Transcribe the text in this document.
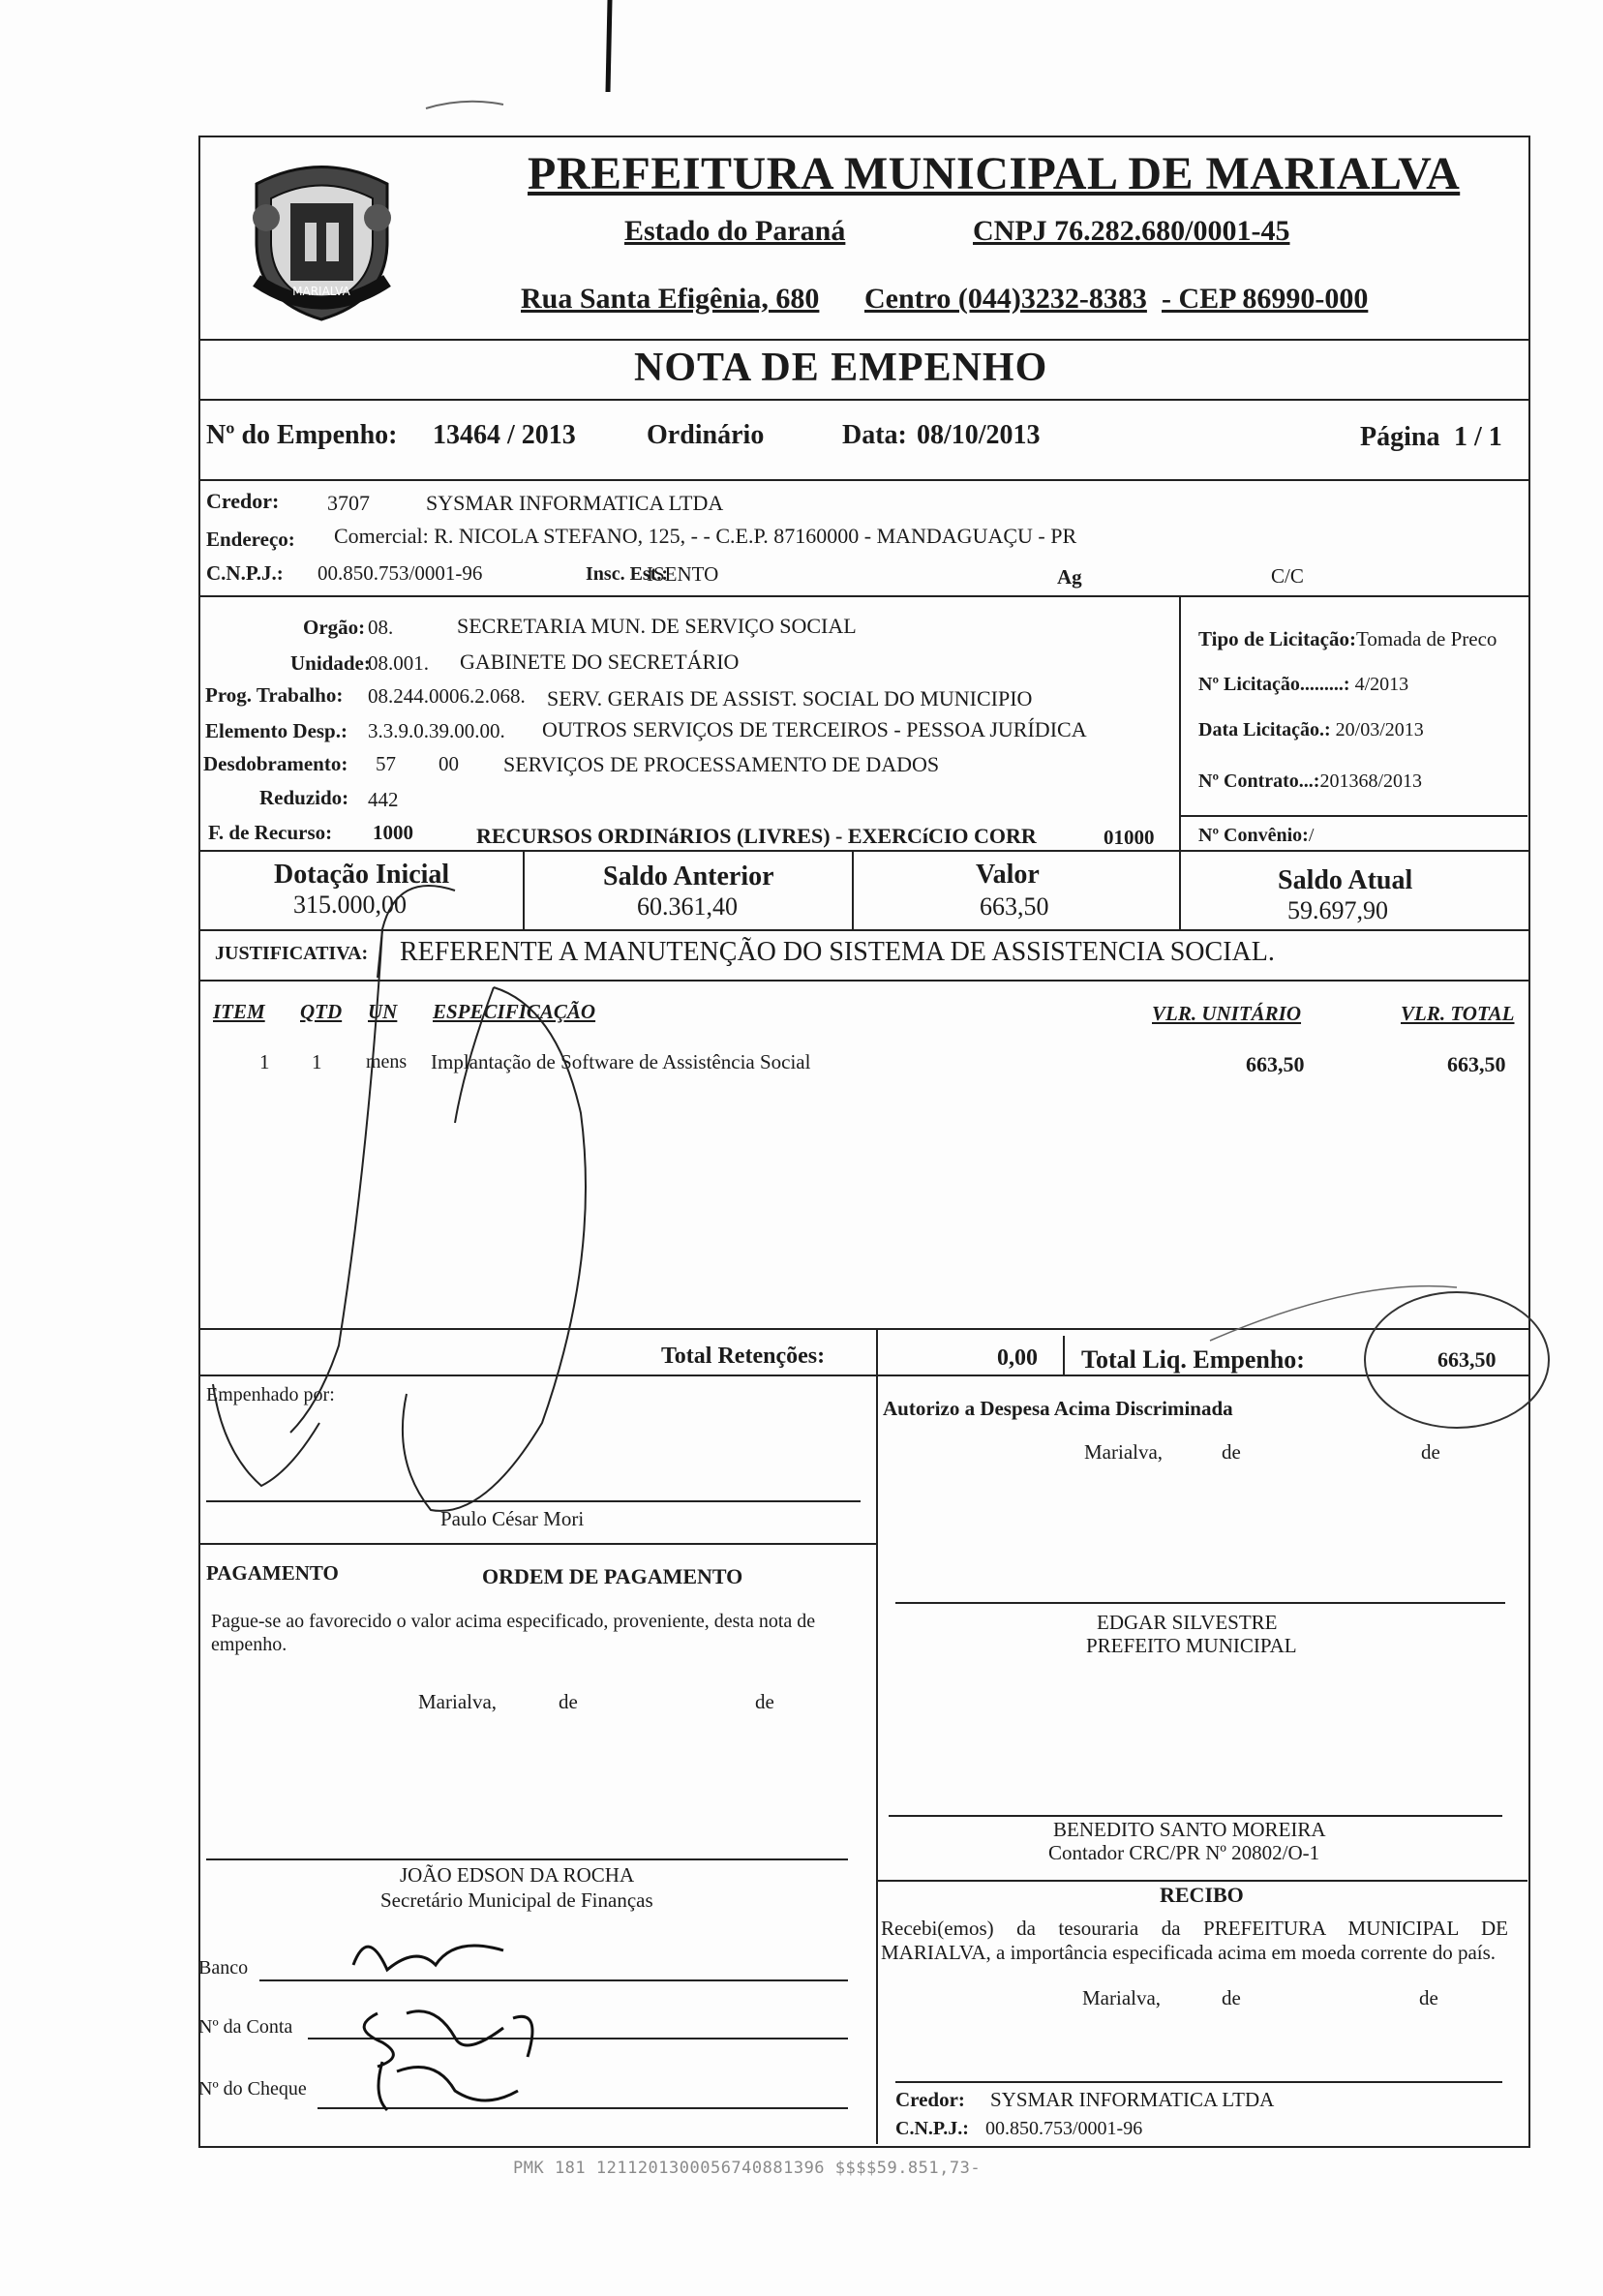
MARIALVA
PREFEITURA MUNICIPAL DE MARIALVA
Estado do Paraná	CNPJ 76.282.680/0001-45
Rua Santa Efigênia, 680 Centro (044)3232-8383 - CEP 86990-000
NOTA DE EMPENHO
Nº do Empenho: 13464 / 2013	Ordinário	Data: 08/10/2013	Página 1 / 1
Credor: 3707	SYSMAR INFORMATICA LTDA
Endereço: Comercial: R. NICOLA STEFANO, 125, - - C.E.P. 87160000 - MANDAGUAÇU - PR
C.N.P.J.: 00.850.753/0001-96	Insc. Est.:
ISENTO	Ag	C/C
Orgão: 08.	SECRETARIA MUN. DE SERVIÇO SOCIAL
Unidade:
08.001. GABINETE DO SECRETÁRIO
Prog. Trabalho: 08.244.0006.2.068. SERV. GERAIS DE ASSIST. SOCIAL DO MUNICIPIO
Elemento Desp.: 3.3.9.0.39.00.00. OUTROS SERVIÇOS DE TERCEIROS - PESSOA JURÍDICA
Desdobramento: 57 00 SERVIÇOS DE PROCESSAMENTO DE DADOS
Reduzido: 442
F. de Recurso: 1000	RECURSOS ORDINáRIOS (LIVRES) - EXERCíCIO CORR	01000
Tipo de Licitação:Tomada de Preco
Nº Licitação.........: 4/2013
Data Licitação.: 20/03/2013
Nº Contrato...:201368/2013
Nº Convênio:/
Dotação Inicial
315.000,00
Saldo Anterior
60.361,40
Valor
663,50
Saldo Atual
59.697,90
JUSTIFICATIVA: REFERENTE A MANUTENÇÃO DO SISTEMA DE ASSISTENCIA SOCIAL.
ITEM QTD UN ESPECIFICAÇÃO	VLR. UNITÁRIO	VLR. TOTAL
1 1 mens Implantação de Software de Assistência Social	663,50	663,50
Total Retenções:	0,00 Total Liq. Empenho:	663,50
Empenhado por:
Paulo César Mori
Autorizo a Despesa Acima Discriminada
Marialva,	de	de
PAGAMENTO	ORDEM DE PAGAMENTO
Pague-se ao favorecido o valor acima especificado, proveniente, desta nota de empenho.
Marialva,	de	de
JOÃO EDSON DA ROCHA
Secretário Municipal de Finanças
Banco
Nº da Conta
Nº do Cheque
EDGAR SILVESTRE
PREFEITO MUNICIPAL
BENEDITO SANTO MOREIRA
Contador CRC/PR Nº 20802/O-1
RECIBO
Recebi(emos) da tesouraria da PREFEITURA MUNICIPAL DE MARIALVA, a importância especificada acima em moeda corrente do país.
Marialva,	de	de
Credor: SYSMAR INFORMATICA LTDA
C.N.P.J.: 00.850.753/0001-96
PMK 181 1211201300056740881396 $$$$59.851,73-
